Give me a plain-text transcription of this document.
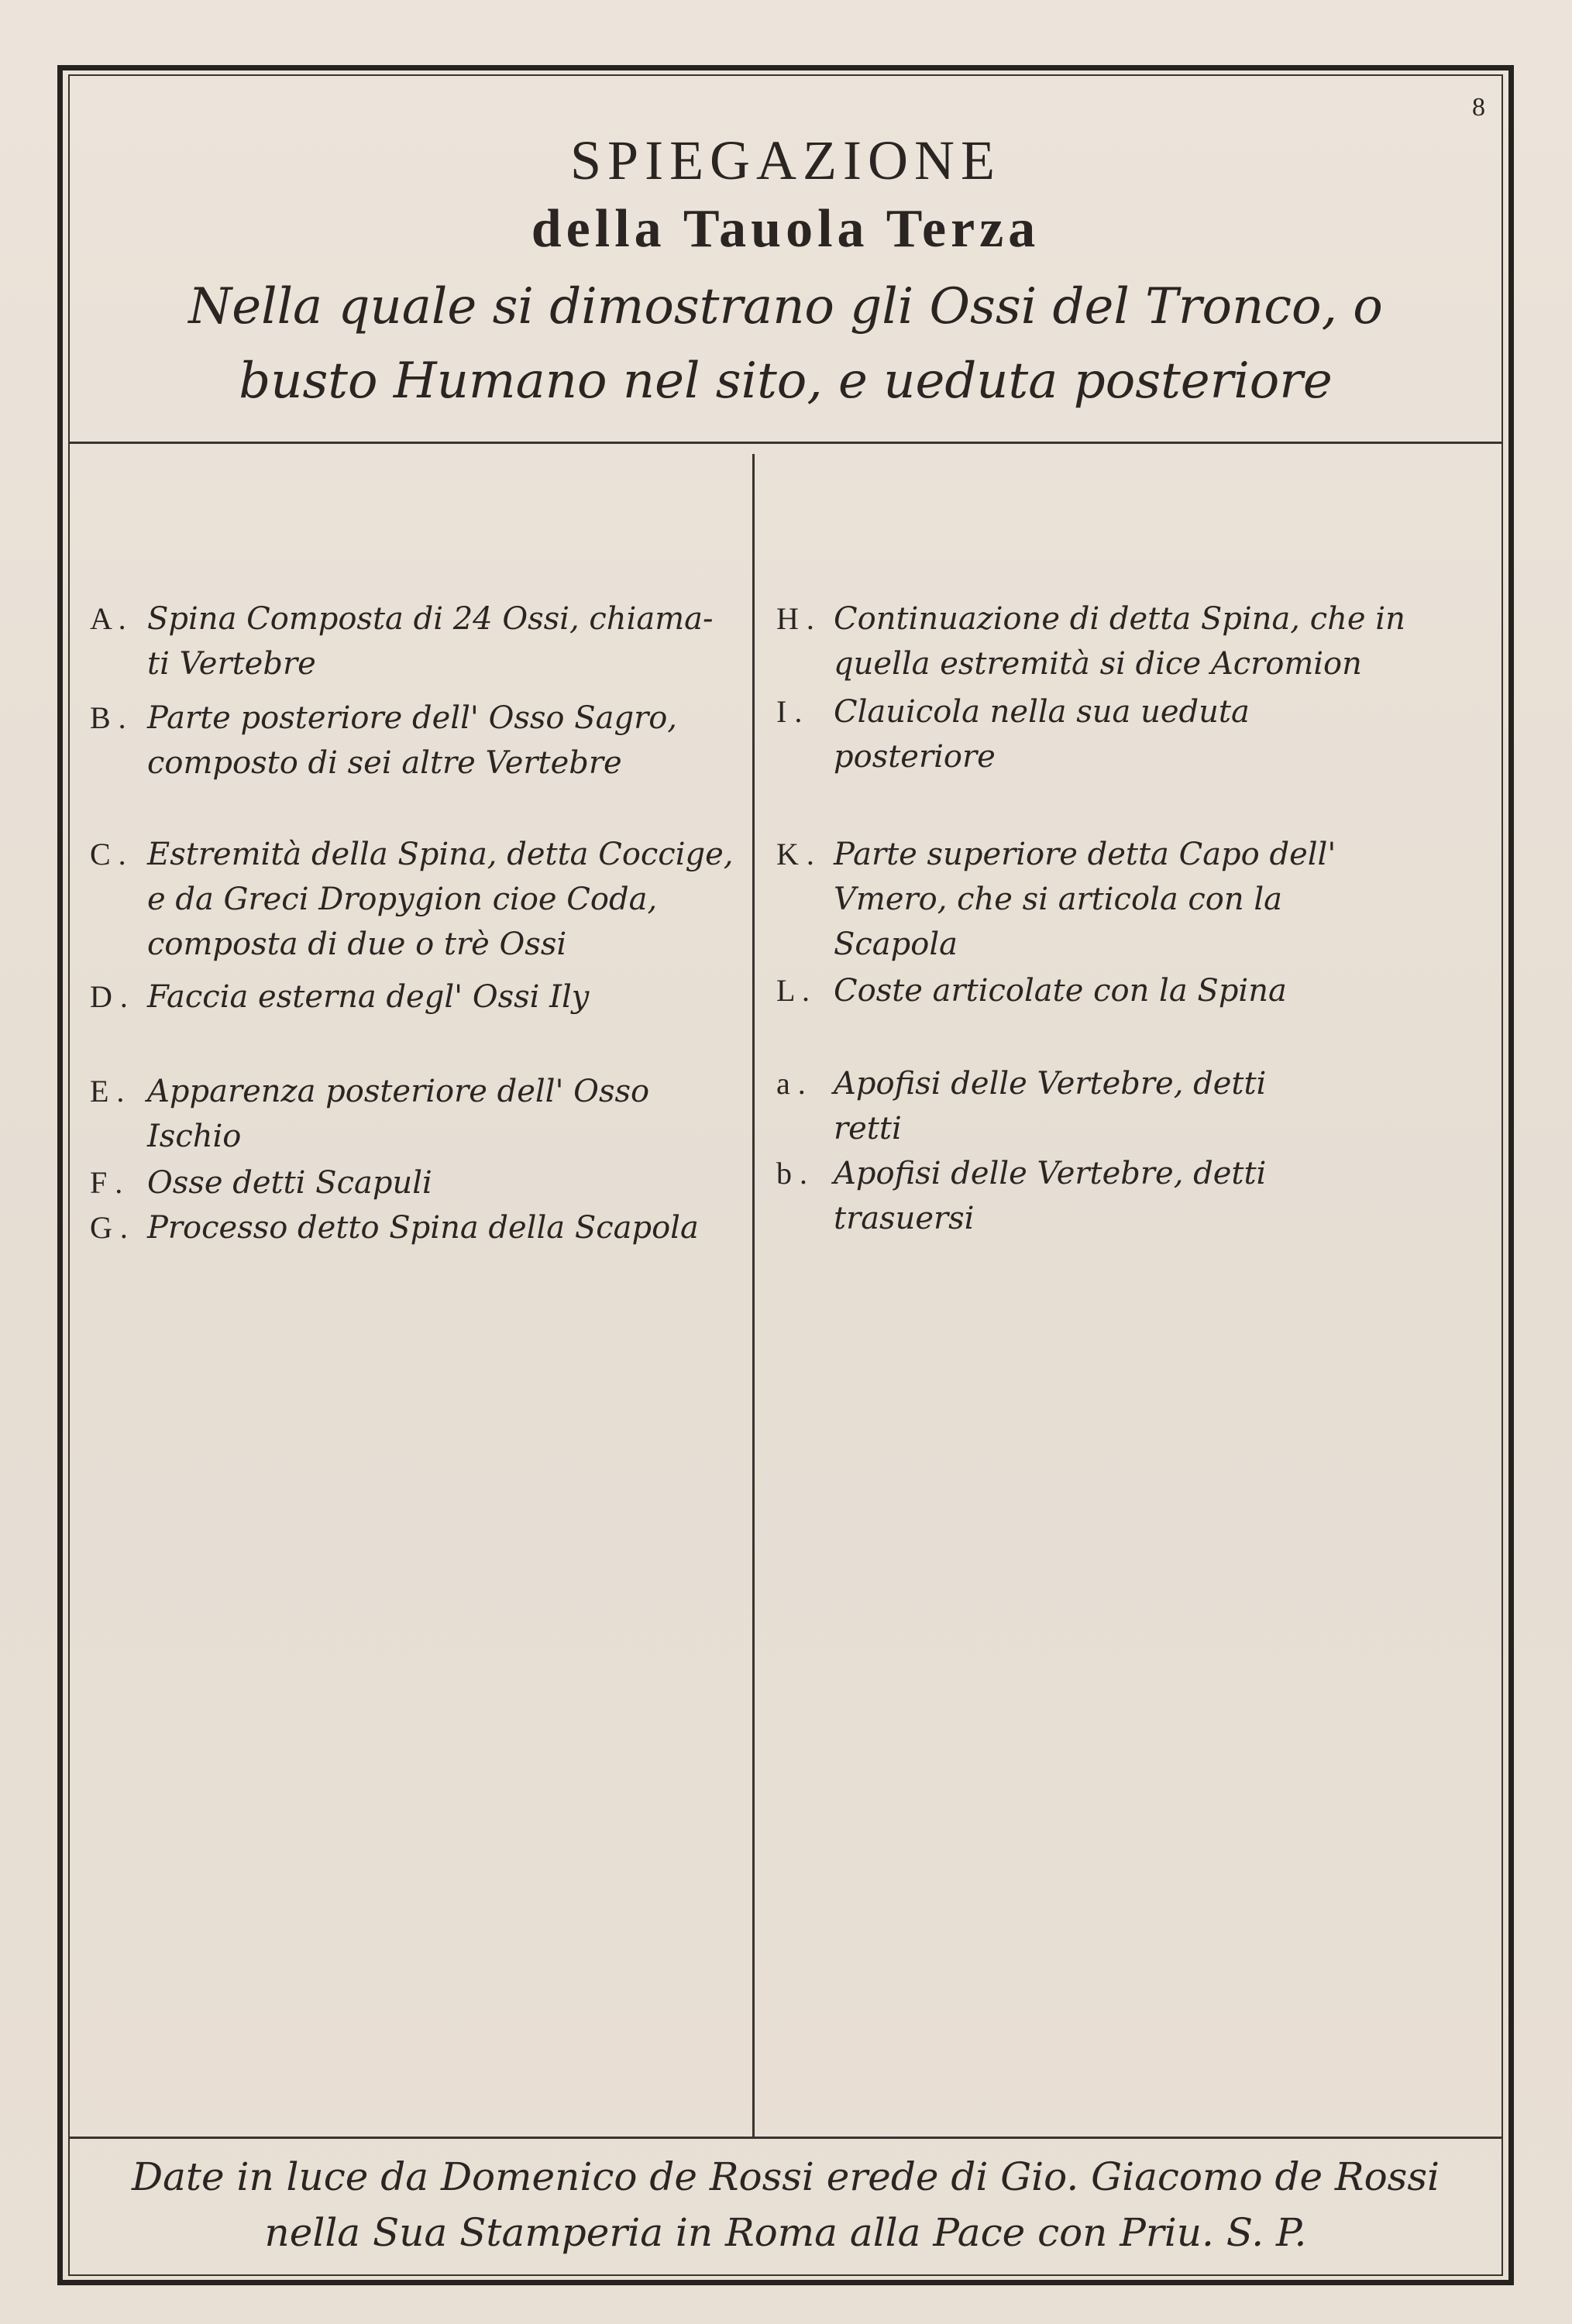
8
SPIEGAZIONE
della Tauola Terza
Nella quale si dimostrano gli Ossi del Tronco, o
busto Humano nel sito, e ueduta posteriore
A . Spina Composta di 24 Ossi, chiama-
ti Vertebre
B . Parte posteriore dell' Osso Sagro,
composto di sei altre Vertebre
C . Estremità della Spina, detta Coccige,
e da Greci Dropygion cioe Coda,
composta di due o trè Ossi
D . Faccia esterna degl' Ossi Ily
E . Apparenza posteriore dell' Osso
Ischio
F . Osse detti Scapuli
G . Processo detto Spina della Scapola
H . Continuazione di detta Spina, che in
quella estremità si dice Acromion
I .	Clauicola nella sua ueduta
posteriore
K . Parte superiore detta Capo dell'
Vmero, che si articola con la
Scapola
L . Coste articolate con la Spina
a . Apofisi delle Vertebre, detti
retti
b . Apofisi delle Vertebre, detti
trasuersi
Date in luce da Domenico de Rossi erede di Gio. Giacomo de Rossi
nella Sua Stamperia in Roma alla Pace con Priu. S. P.
